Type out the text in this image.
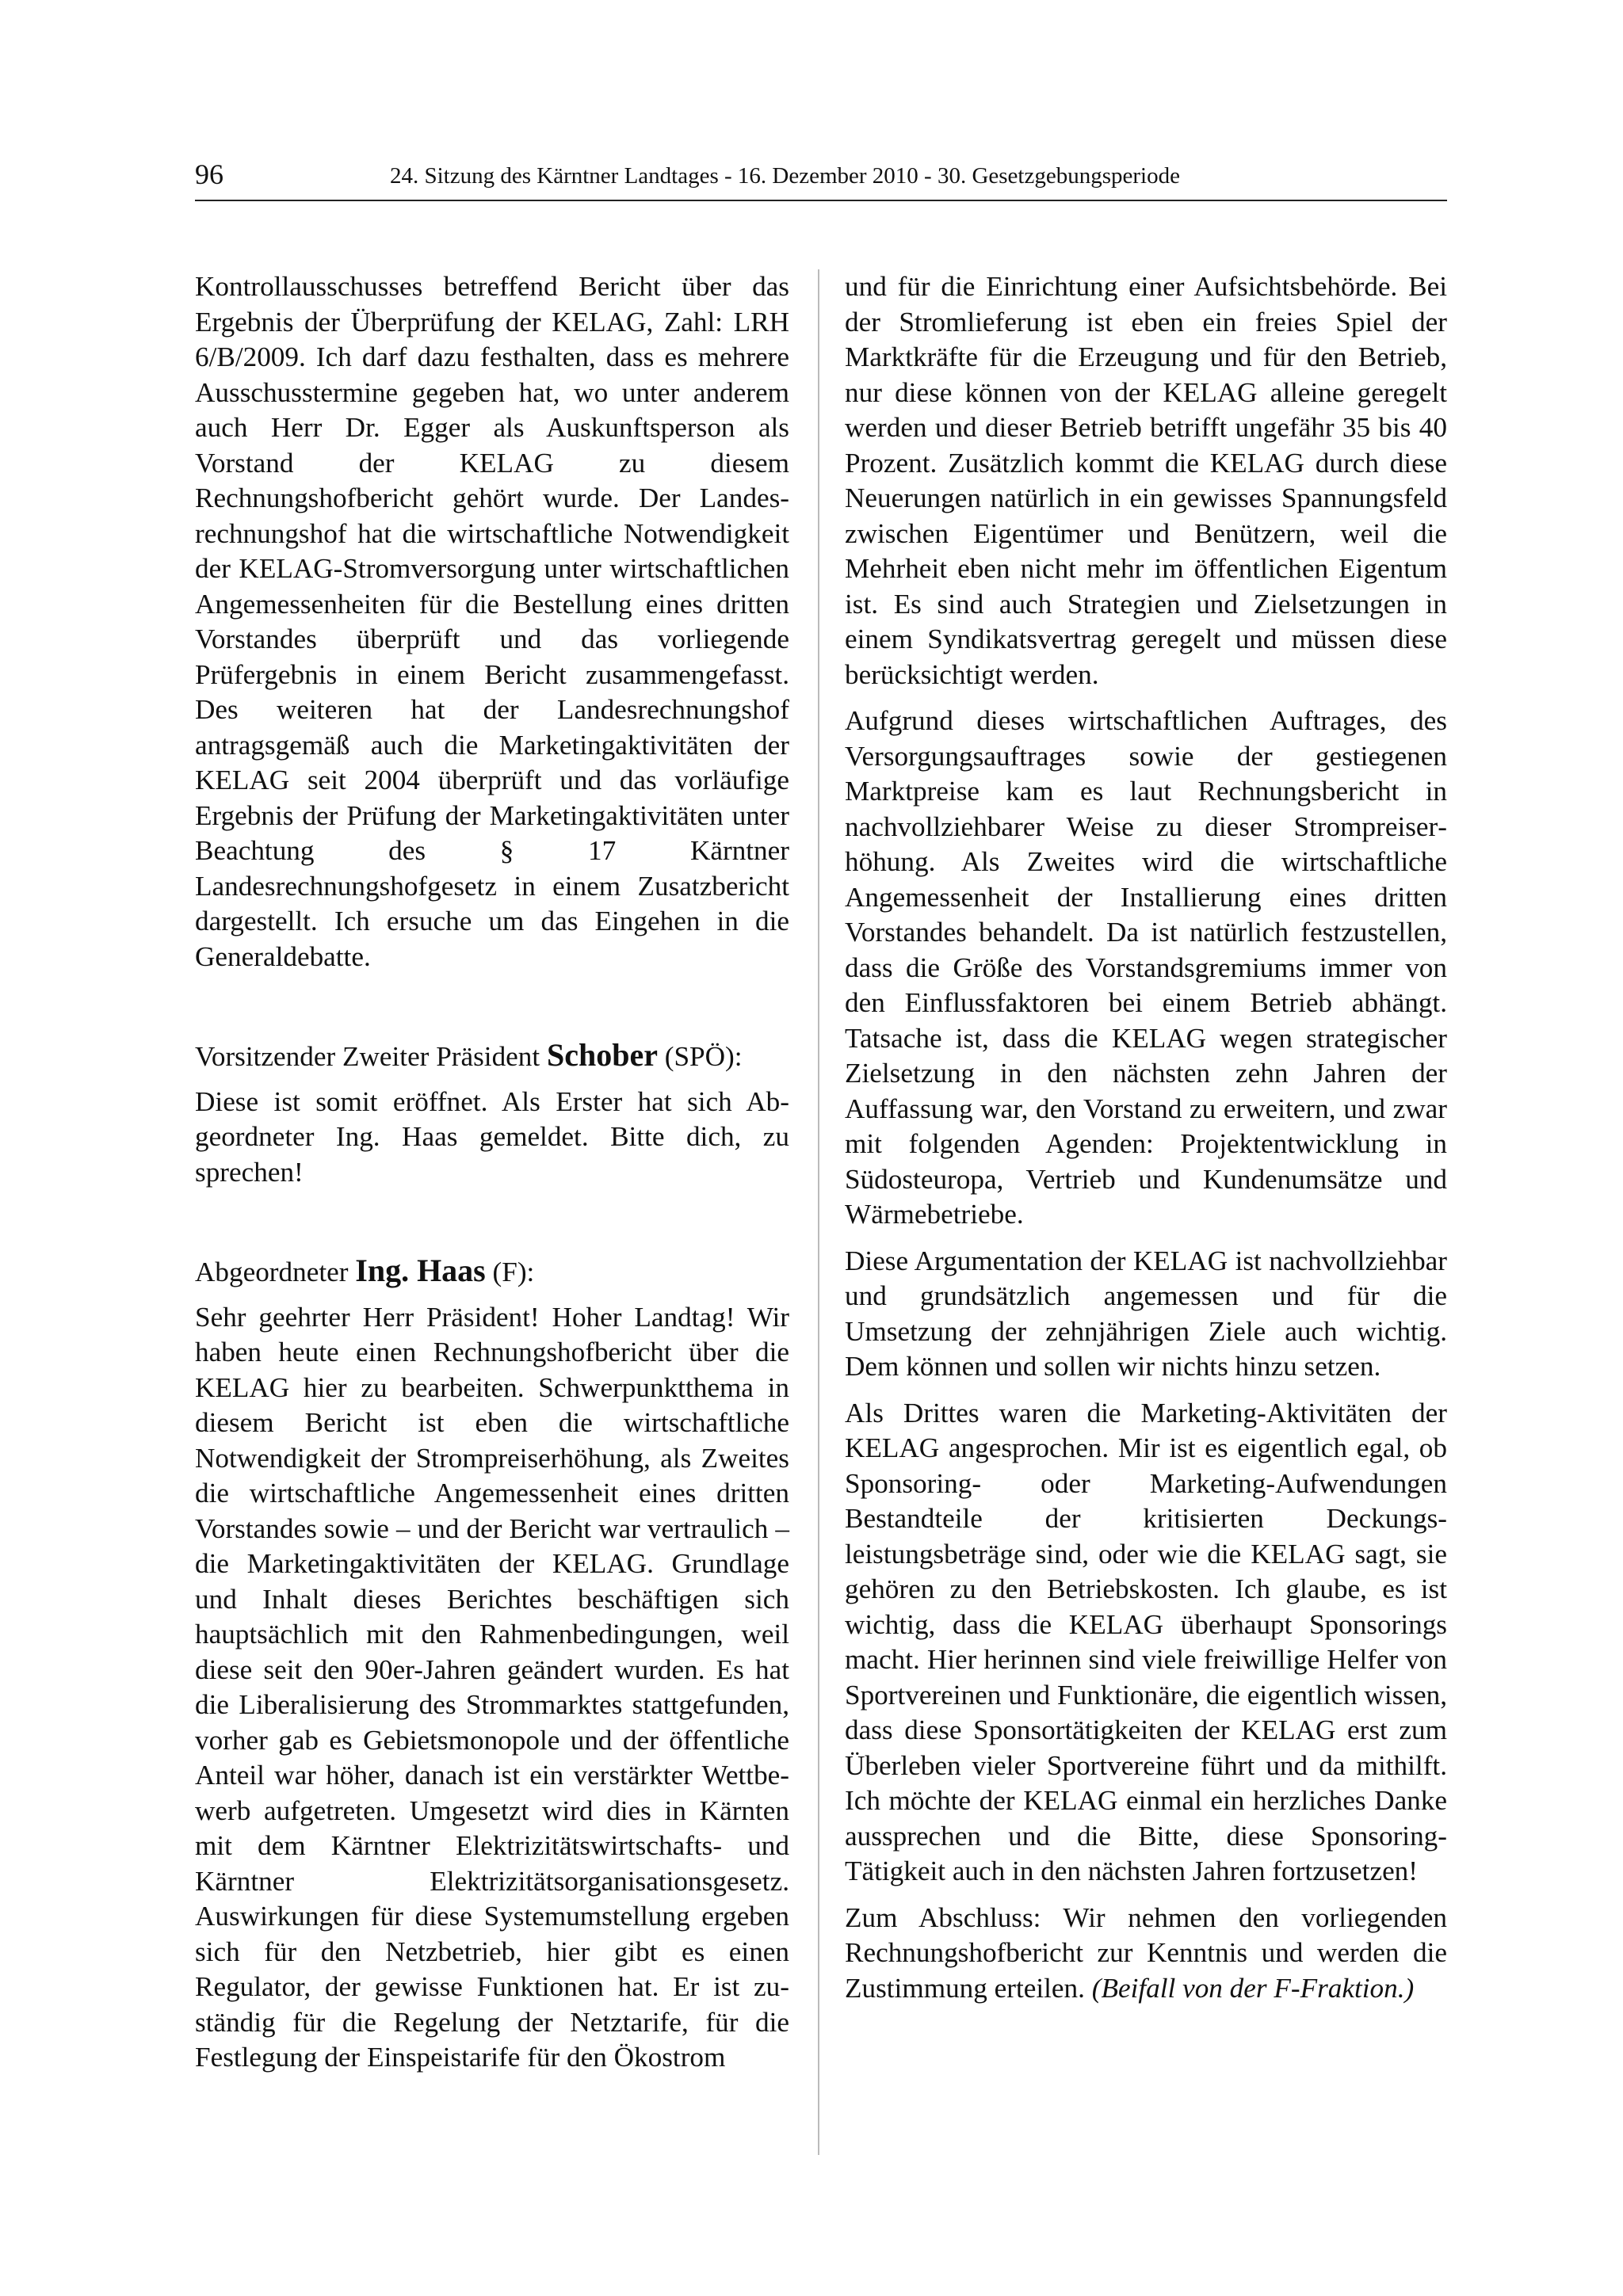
96	24. Sitzung des Kärntner Landtages - 16. Dezember 2010 - 30. Gesetzgebungsperiode

Kontrollausschusses betreffend Bericht über das Ergebnis der Überprüfung der KELAG, Zahl: LRH 6/B/2009. Ich darf dazu festhalten, dass es mehrere Ausschusstermine gegeben hat, wo unter anderem auch Herr Dr. Egger als Auskunftsperson als Vorstand der KELAG zu diesem Rechnungshofbericht gehört wurde. Der Landesrechnungshof hat die wirtschaftliche Notwendigkeit der KELAG-Stromversorgung unter wirtschaftlichen Angemessenheiten für die Bestellung eines dritten Vorstandes überprüft und das vorliegende Prüfergebnis in einem Bericht zusammengefasst. Des weiteren hat der Landesrechnungshof antragsgemäß auch die Marketingaktivitäten der KELAG seit 2004 überprüft und das vorläufige Ergebnis der Prüfung der Marketingaktivitäten unter Beachtung des § 17 Kärntner Landesrechnungshofgesetz in einem Zusatzbericht dargestellt. Ich ersuche um das Eingehen in die Generaldebatte.

Vorsitzender Zweiter Präsident Schober (SPÖ):

Diese ist somit eröffnet. Als Erster hat sich Abgeordneter Ing. Haas gemeldet. Bitte dich, zu sprechen!

Abgeordneter Ing. Haas (F):

Sehr geehrter Herr Präsident! Hoher Landtag! Wir haben heute einen Rechnungshofbericht über die KELAG hier zu bearbeiten. Schwerpunktthema in diesem Bericht ist eben die wirtschaftliche Notwendigkeit der Strompreiserhöhung, als Zweites die wirtschaftliche Angemessenheit eines dritten Vorstandes sowie – und der Bericht war vertraulich – die Marketingaktivitäten der KELAG. Grundlage und Inhalt dieses Berichtes beschäftigen sich hauptsächlich mit den Rahmenbedingungen, weil diese seit den 90er-Jahren geändert wurden. Es hat die Liberalisierung des Strommarktes stattgefunden, vorher gab es Gebietsmonopole und der öffentliche Anteil war höher, danach ist ein verstärkter Wettbewerb aufgetreten. Umgesetzt wird dies in Kärnten mit dem Kärntner Elektrizitätswirtschafts- und Kärntner Elektrizitätsorganisationsgesetz. Auswirkungen für diese Systemumstellung ergeben sich für den Netzbetrieb, hier gibt es einen Regulator, der gewisse Funktionen hat. Er ist zuständig für die Regelung der Netztarife, für die Festlegung der Einspeistarife für den Ökostrom

und für die Einrichtung einer Aufsichtsbehörde. Bei der Stromlieferung ist eben ein freies Spiel der Marktkräfte für die Erzeugung und für den Betrieb, nur diese können von der KELAG alleine geregelt werden und dieser Betrieb betrifft ungefähr 35 bis 40 Prozent. Zusätzlich kommt die KELAG durch diese Neuerungen natürlich in ein gewisses Spannungsfeld zwischen Eigentümer und Benützern, weil die Mehrheit eben nicht mehr im öffentlichen Eigentum ist. Es sind auch Strategien und Zielsetzungen in einem Syndikatsvertrag geregelt und müssen diese berücksichtigt werden.

Aufgrund dieses wirtschaftlichen Auftrages, des Versorgungsauftrages sowie der gestiegenen Marktpreise kam es laut Rechnungsbericht in nachvollziehbarer Weise zu dieser Strompreiserhöhung. Als Zweites wird die wirtschaftliche Angemessenheit der Installierung eines dritten Vorstandes behandelt. Da ist natürlich festzustellen, dass die Größe des Vorstandsgremiums immer von den Einflussfaktoren bei einem Betrieb abhängt. Tatsache ist, dass die KELAG wegen strategischer Zielsetzung in den nächsten zehn Jahren der Auffassung war, den Vorstand zu erweitern, und zwar mit folgenden Agenden: Projektentwicklung in Südosteuropa, Vertrieb und Kundenumsätze und Wärmebetriebe.

Diese Argumentation der KELAG ist nachvollziehbar und grundsätzlich angemessen und für die Umsetzung der zehnjährigen Ziele auch wichtig. Dem können und sollen wir nichts hinzu setzen.

Als Drittes waren die Marketing-Aktivitäten der KELAG angesprochen. Mir ist es eigentlich egal, ob Sponsoring- oder Marketing-Aufwendungen Bestandteile der kritisierten Deckungsleistungsbeträge sind, oder wie die KELAG sagt, sie gehören zu den Betriebskosten. Ich glaube, es ist wichtig, dass die KELAG überhaupt Sponsorings macht. Hier herinnen sind viele freiwillige Helfer von Sportvereinen und Funktionäre, die eigentlich wissen, dass diese Sponsortätigkeiten der KELAG erst zum Überleben vieler Sportvereine führt und da mithilft. Ich möchte der KELAG einmal ein herzliches Danke aussprechen und die Bitte, diese Sponsoring-Tätigkeit auch in den nächsten Jahren fortzusetzen!

Zum Abschluss: Wir nehmen den vorliegenden Rechnungshofbericht zur Kenntnis und werden die Zustimmung erteilen. (Beifall von der F-Fraktion.)
